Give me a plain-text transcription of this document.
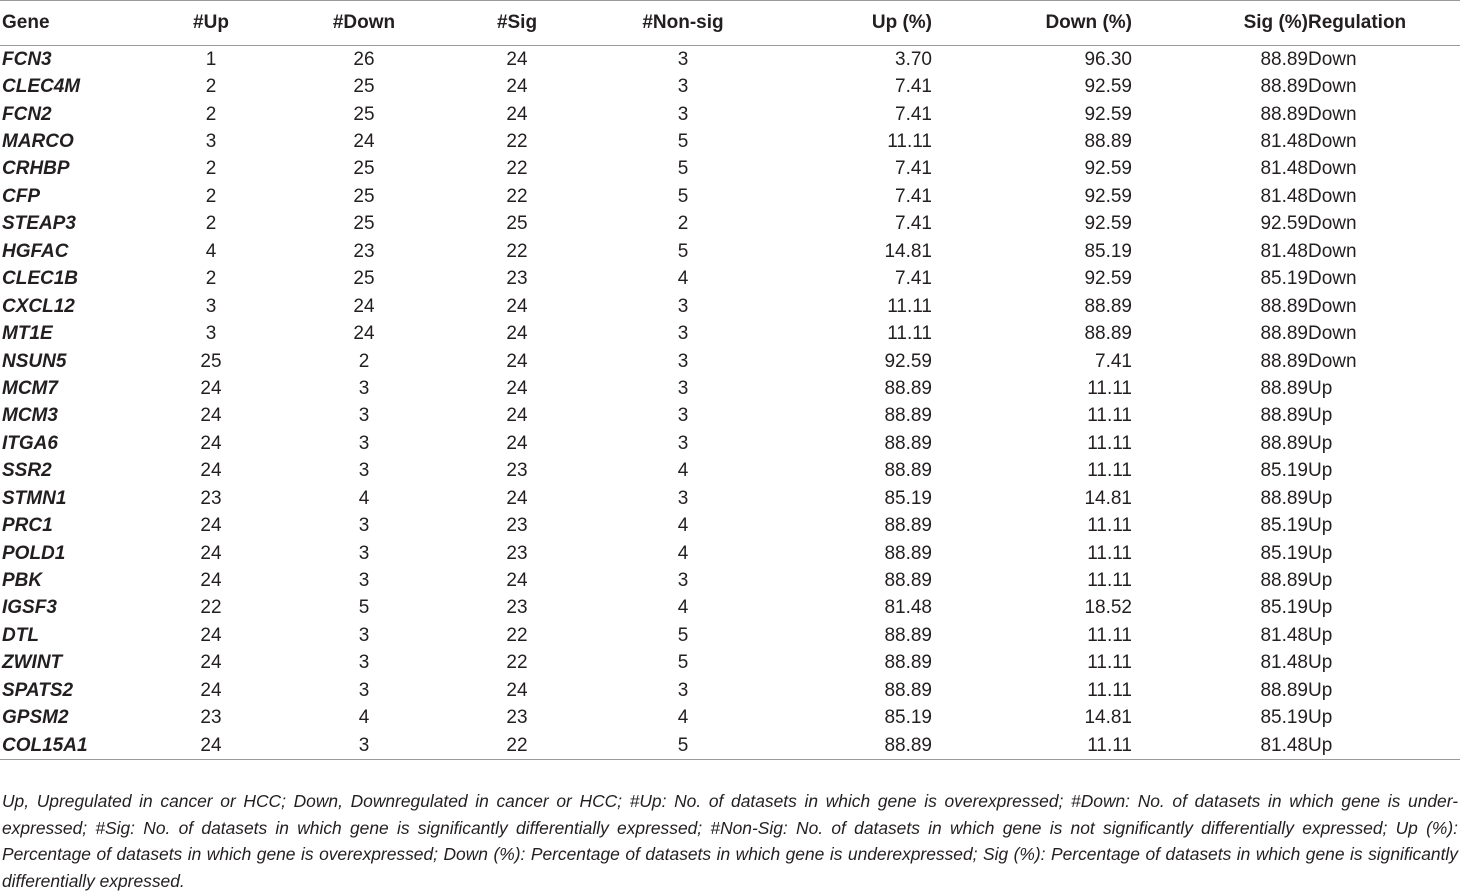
Gene	#Up	#Down	#Sig	#Non-sig	Up (%)	Down (%)	Sig (%)	Regulation
FCN3	1	26	24	3	3.70	96.30	88.89	Down
CLEC4M	2	25	24	3	7.41	92.59	88.89	Down
FCN2	2	25	24	3	7.41	92.59	88.89	Down
MARCO	3	24	22	5	11.11	88.89	81.48	Down
CRHBP	2	25	22	5	7.41	92.59	81.48	Down
CFP	2	25	22	5	7.41	92.59	81.48	Down
STEAP3	2	25	25	2	7.41	92.59	92.59	Down
HGFAC	4	23	22	5	14.81	85.19	81.48	Down
CLEC1B	2	25	23	4	7.41	92.59	85.19	Down
CXCL12	3	24	24	3	11.11	88.89	88.89	Down
MT1E	3	24	24	3	11.11	88.89	88.89	Down
NSUN5	25	2	24	3	92.59	7.41	88.89	Down
MCM7	24	3	24	3	88.89	11.11	88.89	Up
MCM3	24	3	24	3	88.89	11.11	88.89	Up
ITGA6	24	3	24	3	88.89	11.11	88.89	Up
SSR2	24	3	23	4	88.89	11.11	85.19	Up
STMN1	23	4	24	3	85.19	14.81	88.89	Up
PRC1	24	3	23	4	88.89	11.11	85.19	Up
POLD1	24	3	23	4	88.89	11.11	85.19	Up
PBK	24	3	24	3	88.89	11.11	88.89	Up
IGSF3	22	5	23	4	81.48	18.52	85.19	Up
DTL	24	3	22	5	88.89	11.11	81.48	Up
ZWINT	24	3	22	5	88.89	11.11	81.48	Up
SPATS2	24	3	24	3	88.89	11.11	88.89	Up
GPSM2	23	4	23	4	85.19	14.81	85.19	Up
COL15A1	24	3	22	5	88.89	11.11	81.48	Up
Up, Upregulated in cancer or HCC; Down, Downregulated in cancer or HCC; #Up: No. of datasets in which gene is overexpressed; #Down: No. of datasets in which gene is under-expressed; #Sig: No. of datasets in which gene is significantly differentially expressed; #Non-Sig: No. of datasets in which gene is not significantly differentially expressed; Up (%): Percentage of datasets in which gene is overexpressed; Down (%): Percentage of datasets in which gene is underexpressed; Sig (%): Percentage of datasets in which gene is significantly differentially expressed.
